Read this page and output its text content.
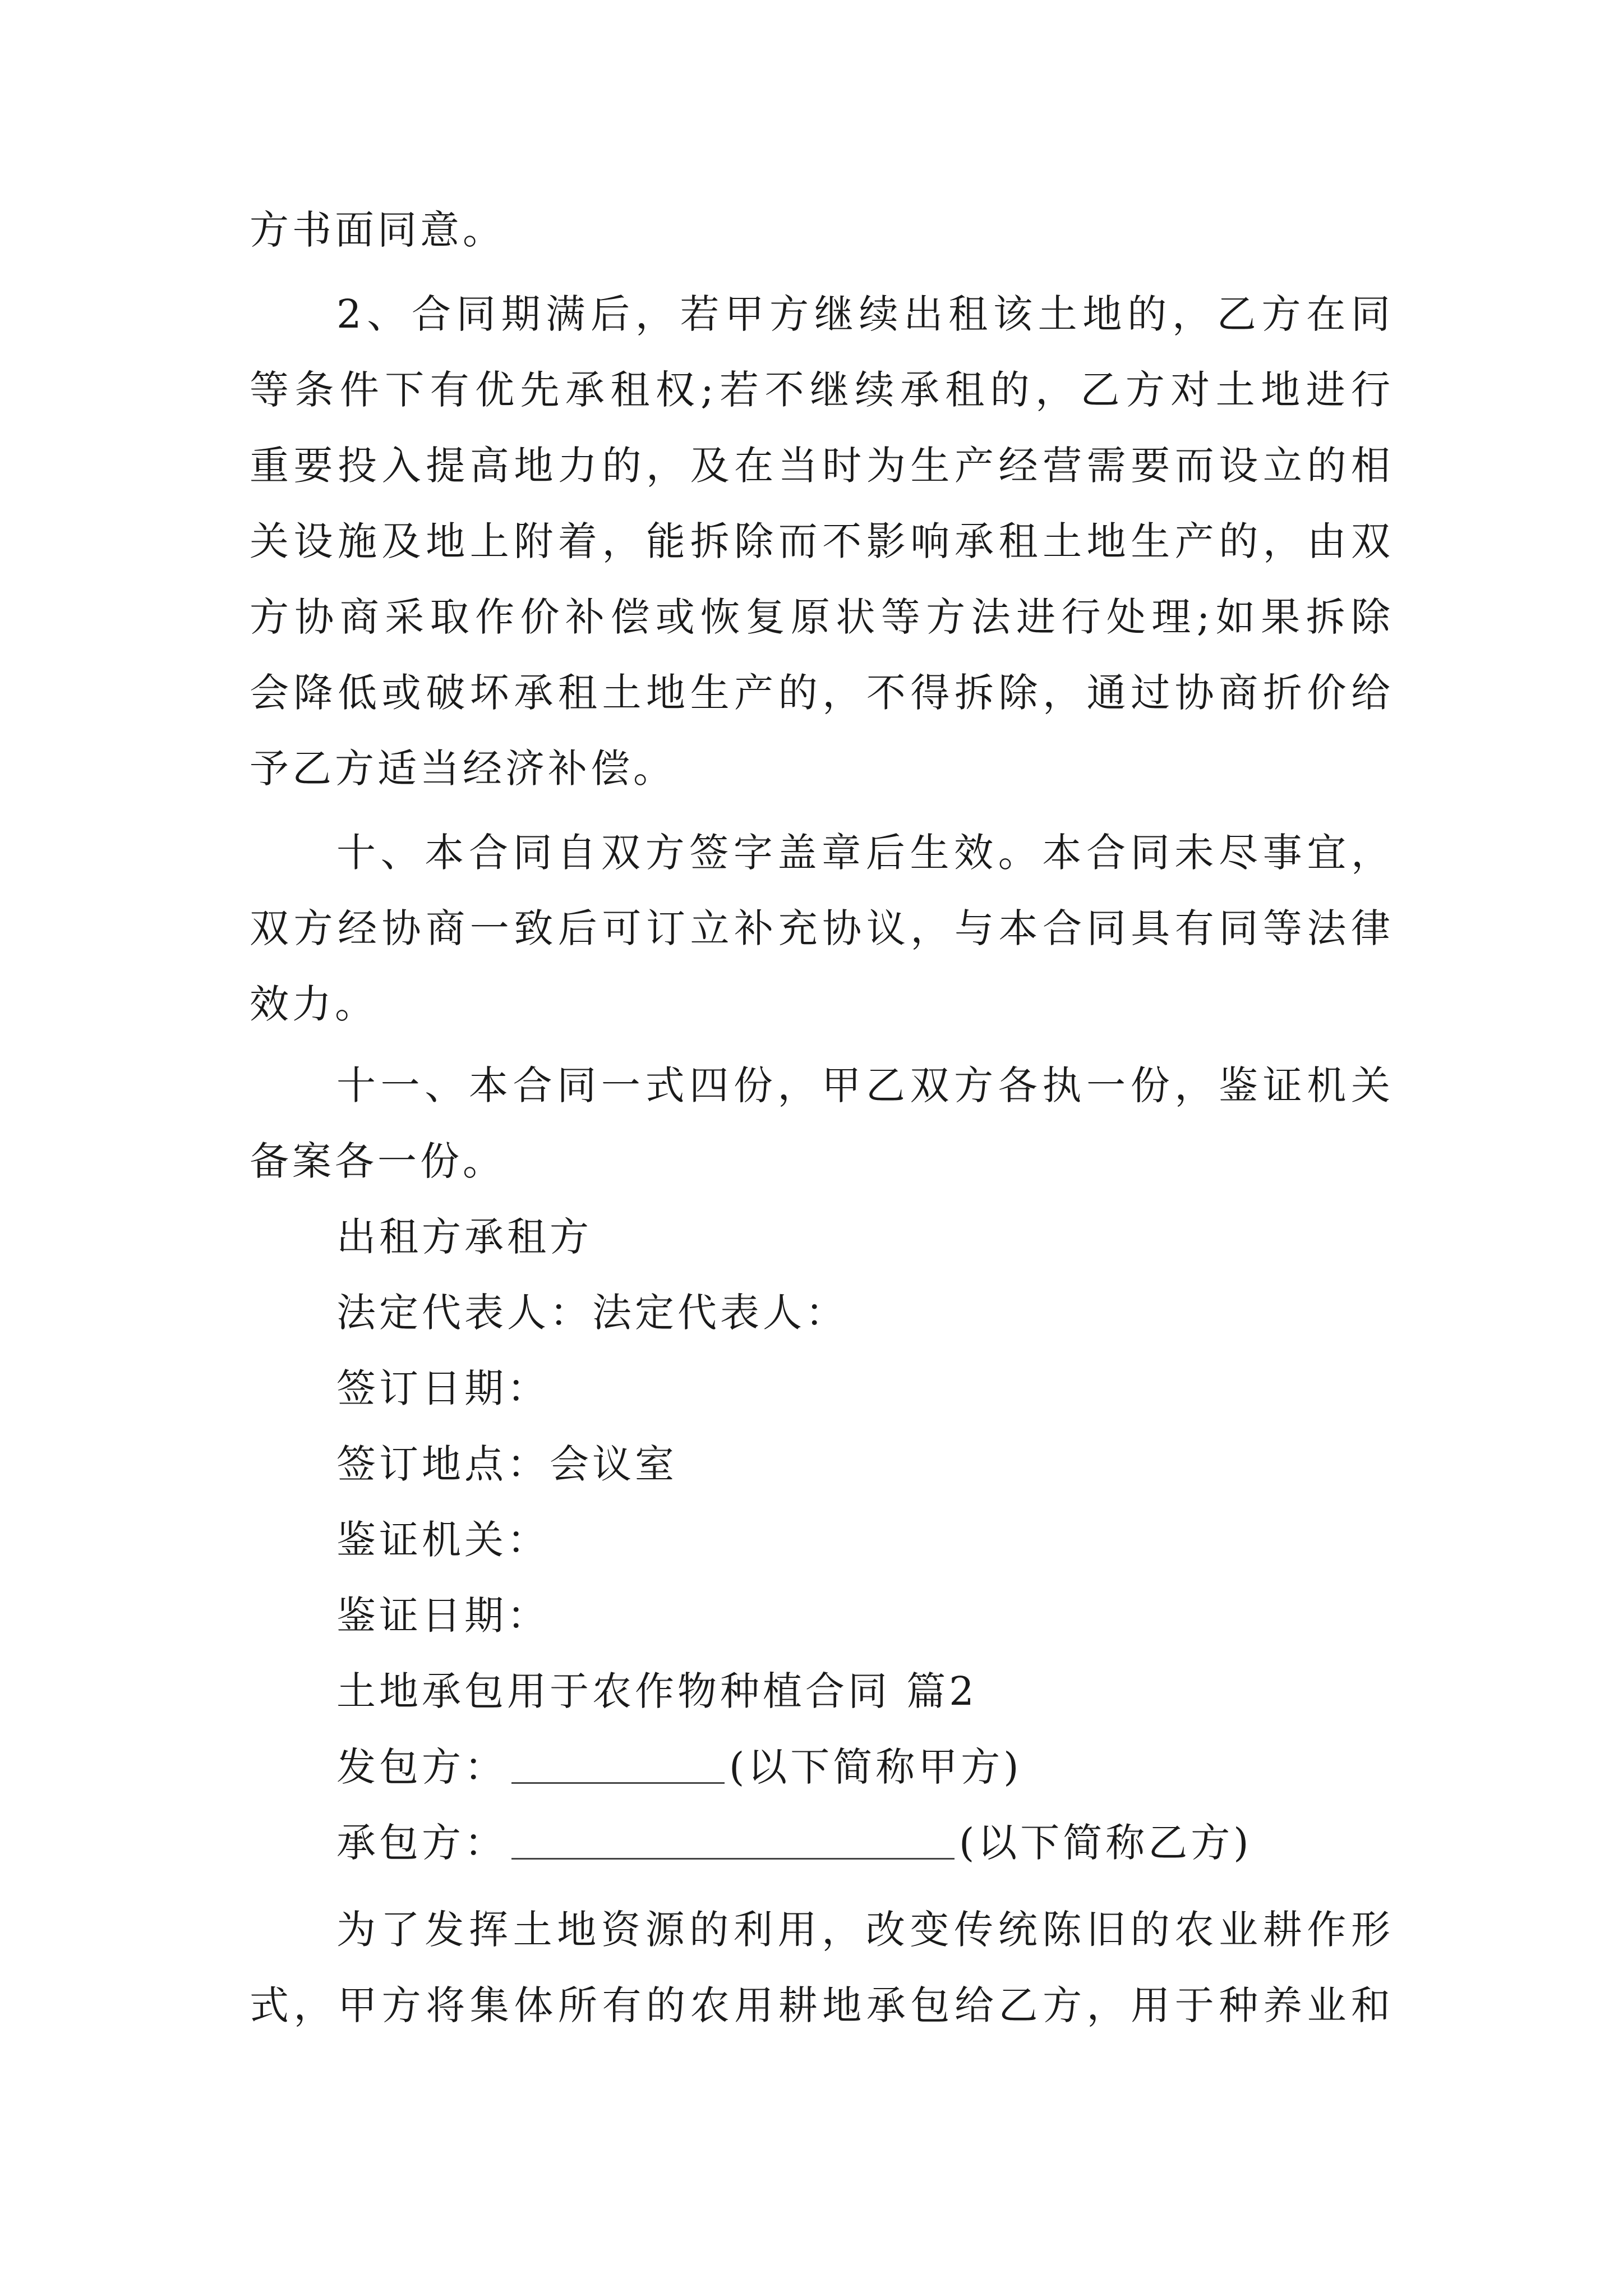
方书面同意。
2、合同期满后，若甲方继续出租该土地的，乙方在同
等条件下有优先承租权;若不继续承租的，乙方对土地进行
重要投入提高地力的，及在当时为生产经营需要而设立的相
关设施及地上附着，能拆除而不影响承租土地生产的，由双
方协商采取作价补偿或恢复原状等方法进行处理;如果拆除
会降低或破坏承租土地生产的，不得拆除，通过协商折价给
予乙方适当经济补偿。
十、本合同自双方签字盖章后生效。本合同未尽事宜，
双方经协商一致后可订立补充协议，与本合同具有同等法律
效力。
十一、本合同一式四份，甲乙双方各执一份，鉴证机关
备案各一份。
出租方承租方
法定代表人：法定代表人：
签订日期：
签订地点：会议室
鉴证机关：
鉴证日期：
土地承包用于农作物种植合同 篇2
发包方：	(以下简称甲方)
承包方：	(以下简称乙方)
为了发挥土地资源的利用，改变传统陈旧的农业耕作形
式，甲方将集体所有的农用耕地承包给乙方，用于种养业和
